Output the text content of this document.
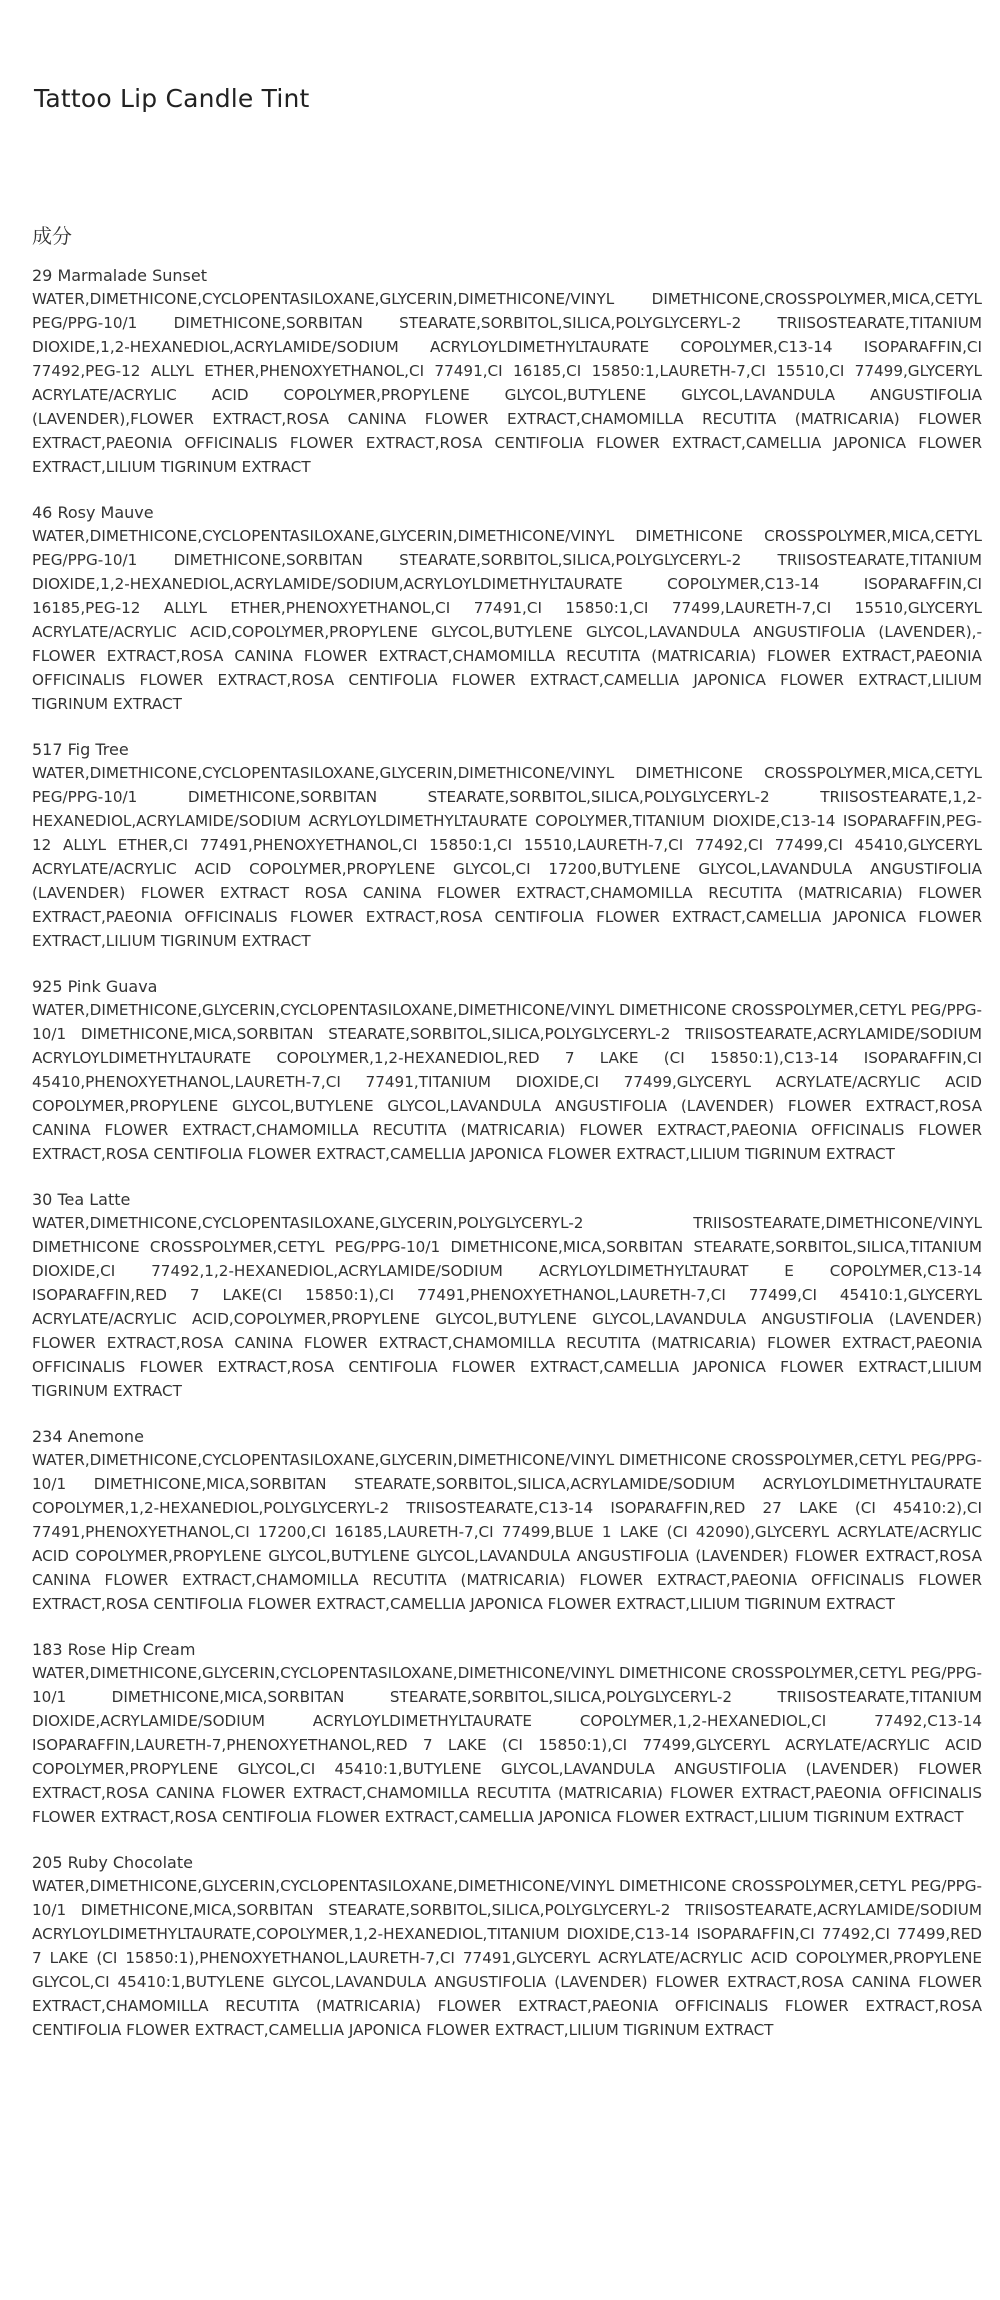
Tattoo Lip Candle Tint
成分
29 Marmalade Sunset
WATER,DIMETHICONE,CYCLOPENTASILOXANE,GLYCERIN,DIMETHICONE/VINYL DIMETHICONE,CROSSPOLYMER,MICA,CETYL PEG/PPG-10/1 DIMETHICONE,SORBITAN STEARATE,SORBITOL,SILICA,POLYGLYCERYL-2 TRIISOSTEARATE,TITANIUM DIOXIDE,1,2-HEXANEDIOL,ACRYLAMIDE/SODIUM ACRYLOYLDIMETHYLTAURATE COPOLYMER,C13-14 ISOPARAFFIN,CI 77492,PEG-12 ALLYL ETHER,PHENOXYETHANOL,CI 77491,CI 16185,CI 15850:1,LAURETH-7,CI 15510,CI 77499,GLYCERYL ACRYLATE/ACRYLIC ACID COPOLYMER,PROPYLENE GLYCOL,BUTYLENE GLYCOL,LAVANDULA ANGUSTIFOLIA (LAVENDER),FLOWER EXTRACT,ROSA CANINA FLOWER EXTRACT,CHAMOMILLA RECUTITA (MATRICARIA) FLOWER EXTRACT,PAEONIA OFFICINALIS FLOWER EXTRACT,ROSA CENTIFOLIA FLOWER EXTRACT,CAMELLIA JAPONICA FLOWER EXTRACT,LILIUM TIGRINUM EXTRACT
46 Rosy Mauve
WATER,DIMETHICONE,CYCLOPENTASILOXANE,GLYCERIN,DIMETHICONE/VINYL DIMETHICONE CROSSPOLYMER,MICA,CETYL PEG/PPG-10/1 DIMETHICONE,SORBITAN STEARATE,SORBITOL,SILICA,POLYGLYCERYL-2 TRIISOSTEARATE,TITANIUM DIOXIDE,1,2-HEXANEDIOL,ACRYLAMIDE/SODIUM,ACRYLOYLDIMETHYLTAURATE COPOLYMER,C13-14 ISOPARAFFIN,CI 16185,PEG-12 ALLYL ETHER,PHENOXYETHANOL,CI 77491,CI 15850:1,CI 77499,LAURETH-7,CI 15510,GLYCERYL ACRYLATE/ACRYLIC ACID,COPOLYMER,PROPYLENE GLYCOL,BUTYLENE GLYCOL,LAVANDULA ANGUSTIFOLIA (LAVENDER),-FLOWER EXTRACT,ROSA CANINA FLOWER EXTRACT,CHAMOMILLA RECUTITA (MATRICARIA) FLOWER EXTRACT,PAEONIA OFFICINALIS FLOWER EXTRACT,ROSA CENTIFOLIA FLOWER EXTRACT,CAMELLIA JAPONICA FLOWER EXTRACT,LILIUM TIGRINUM EXTRACT
517 Fig Tree
WATER,DIMETHICONE,CYCLOPENTASILOXANE,GLYCERIN,DIMETHICONE/VINYL DIMETHICONE CROSSPOLYMER,MICA,CETYL PEG/PPG-10/1 DIMETHICONE,SORBITAN STEARATE,SORBITOL,SILICA,POLYGLYCERYL-2 TRIISOSTEARATE,1,2-HEXANEDIOL,ACRYLAMIDE/SODIUM ACRYLOYLDIMETHYLTAURATE COPOLYMER,TITANIUM DIOXIDE,C13-14 ISOPARAFFIN,PEG-12 ALLYL ETHER,CI 77491,PHENOXYETHANOL,CI 15850:1,CI 15510,LAURETH-7,CI 77492,CI 77499,CI 45410,GLYCERYL ACRYLATE/ACRYLIC ACID COPOLYMER,PROPYLENE GLYCOL,CI 17200,BUTYLENE GLYCOL,LAVANDULA ANGUSTIFOLIA (LAVENDER) FLOWER EXTRACT ROSA CANINA FLOWER EXTRACT,CHAMOMILLA RECUTITA (MATRICARIA) FLOWER EXTRACT,PAEONIA OFFICINALIS FLOWER EXTRACT,ROSA CENTIFOLIA FLOWER EXTRACT,CAMELLIA JAPONICA FLOWER EXTRACT,LILIUM TIGRINUM EXTRACT
925 Pink Guava
WATER,DIMETHICONE,GLYCERIN,CYCLOPENTASILOXANE,DIMETHICONE/VINYL DIMETHICONE CROSSPOLYMER,CETYL PEG/PPG-10/1 DIMETHICONE,MICA,SORBITAN STEARATE,SORBITOL,SILICA,POLYGLYCERYL-2 TRIISOSTEARATE,ACRYLAMIDE/SODIUM ACRYLOYLDIMETHYLTAURATE COPOLYMER,1,2-HEXANEDIOL,RED 7 LAKE (CI 15850:1),C13-14 ISOPARAFFIN,CI 45410,PHENOXYETHANOL,LAURETH-7,CI 77491,TITANIUM DIOXIDE,CI 77499,GLYCERYL ACRYLATE/ACRYLIC ACID COPOLYMER,PROPYLENE GLYCOL,BUTYLENE GLYCOL,LAVANDULA ANGUSTIFOLIA (LAVENDER) FLOWER EXTRACT,ROSA CANINA FLOWER EXTRACT,CHAMOMILLA RECUTITA (MATRICARIA) FLOWER EXTRACT,PAEONIA OFFICINALIS FLOWER EXTRACT,ROSA CENTIFOLIA FLOWER EXTRACT,CAMELLIA JAPONICA FLOWER EXTRACT,LILIUM TIGRINUM EXTRACT
30 Tea Latte
WATER,DIMETHICONE,CYCLOPENTASILOXANE,GLYCERIN,POLYGLYCERYL-2 TRIISOSTEARATE,DIMETHICONE/VINYL DIMETHICONE CROSSPOLYMER,CETYL PEG/PPG-10/1 DIMETHICONE,MICA,SORBITAN STEARATE,SORBITOL,SILICA,TITANIUM DIOXIDE,CI 77492,1,2-HEXANEDIOL,ACRYLAMIDE/SODIUM ACRYLOYLDIMETHYLTAURAT E COPOLYMER,C13-14 ISOPARAFFIN,RED 7 LAKE(CI 15850:1),CI 77491,PHENOXYETHANOL,LAURETH-7,CI 77499,CI 45410:1,GLYCERYL ACRYLATE/ACRYLIC ACID,COPOLYMER,PROPYLENE GLYCOL,BUTYLENE GLYCOL,LAVANDULA ANGUSTIFOLIA (LAVENDER) FLOWER EXTRACT,ROSA CANINA FLOWER EXTRACT,CHAMOMILLA RECUTITA (MATRICARIA) FLOWER EXTRACT,PAEONIA OFFICINALIS FLOWER EXTRACT,ROSA CENTIFOLIA FLOWER EXTRACT,CAMELLIA JAPONICA FLOWER EXTRACT,LILIUM TIGRINUM EXTRACT
234 Anemone
WATER,DIMETHICONE,CYCLOPENTASILOXANE,GLYCERIN,DIMETHICONE/VINYL DIMETHICONE CROSSPOLYMER,CETYL PEG/PPG-10/1 DIMETHICONE,MICA,SORBITAN STEARATE,SORBITOL,SILICA,ACRYLAMIDE/SODIUM ACRYLOYLDIMETHYLTAURATE COPOLYMER,1,2-HEXANEDIOL,POLYGLYCERYL-2 TRIISOSTEARATE,C13-14 ISOPARAFFIN,RED 27 LAKE (CI 45410:2),CI 77491,PHENOXYETHANOL,CI 17200,CI 16185,LAURETH-7,CI 77499,BLUE 1 LAKE (CI 42090),GLYCERYL ACRYLATE/ACRYLIC ACID COPOLYMER,PROPYLENE GLYCOL,BUTYLENE GLYCOL,LAVANDULA ANGUSTIFOLIA (LAVENDER) FLOWER EXTRACT,ROSA CANINA FLOWER EXTRACT,CHAMOMILLA RECUTITA (MATRICARIA) FLOWER EXTRACT,PAEONIA OFFICINALIS FLOWER EXTRACT,ROSA CENTIFOLIA FLOWER EXTRACT,CAMELLIA JAPONICA FLOWER EXTRACT,LILIUM TIGRINUM EXTRACT
183 Rose Hip Cream
WATER,DIMETHICONE,GLYCERIN,CYCLOPENTASILOXANE,DIMETHICONE/VINYL DIMETHICONE CROSSPOLYMER,CETYL PEG/PPG-10/1 DIMETHICONE,MICA,SORBITAN STEARATE,SORBITOL,SILICA,POLYGLYCERYL-2 TRIISOSTEARATE,TITANIUM DIOXIDE,ACRYLAMIDE/SODIUM ACRYLOYLDIMETHYLTAURATE COPOLYMER,1,2-HEXANEDIOL,CI 77492,C13-14 ISOPARAFFIN,LAURETH-7,PHENOXYETHANOL,RED 7 LAKE (CI 15850:1),CI 77499,GLYCERYL ACRYLATE/ACRYLIC ACID COPOLYMER,PROPYLENE GLYCOL,CI 45410:1,BUTYLENE GLYCOL,LAVANDULA ANGUSTIFOLIA (LAVENDER) FLOWER EXTRACT,ROSA CANINA FLOWER EXTRACT,CHAMOMILLA RECUTITA (MATRICARIA) FLOWER EXTRACT,PAEONIA OFFICINALIS FLOWER EXTRACT,ROSA CENTIFOLIA FLOWER EXTRACT,CAMELLIA JAPONICA FLOWER EXTRACT,LILIUM TIGRINUM EXTRACT
205 Ruby Chocolate
WATER,DIMETHICONE,GLYCERIN,CYCLOPENTASILOXANE,DIMETHICONE/VINYL DIMETHICONE CROSSPOLYMER,CETYL PEG/PPG-10/1 DIMETHICONE,MICA,SORBITAN STEARATE,SORBITOL,SILICA,POLYGLYCERYL-2 TRIISOSTEARATE,ACRYLAMIDE/SODIUM ACRYLOYLDIMETHYLTAURATE,COPOLYMER,1,2-HEXANEDIOL,TITANIUM DIOXIDE,C13-14 ISOPARAFFIN,CI 77492,CI 77499,RED 7 LAKE (CI 15850:1),PHENOXYETHANOL,LAURETH-7,CI 77491,GLYCERYL ACRYLATE/ACRYLIC ACID COPOLYMER,PROPYLENE GLYCOL,CI 45410:1,BUTYLENE GLYCOL,LAVANDULA ANGUSTIFOLIA (LAVENDER) FLOWER EXTRACT,ROSA CANINA FLOWER EXTRACT,CHAMOMILLA RECUTITA (MATRICARIA) FLOWER EXTRACT,PAEONIA OFFICINALIS FLOWER EXTRACT,ROSA CENTIFOLIA FLOWER EXTRACT,CAMELLIA JAPONICA FLOWER EXTRACT,LILIUM TIGRINUM EXTRACT
